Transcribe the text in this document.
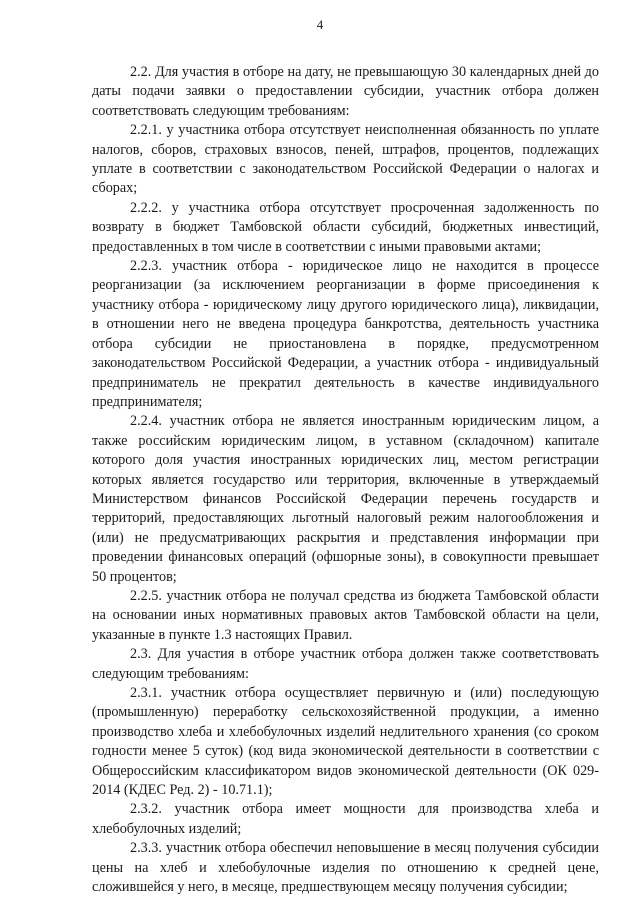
4

2.2. Для участия в отборе на дату, не превышающую 30 календарных дней до даты подачи заявки о предоставлении субсидии, участник отбора должен соответствовать следующим требованиям:

2.2.1. у участника отбора отсутствует неисполненная обязанность по уплате налогов, сборов, страховых взносов, пеней, штрафов, процентов, подлежащих уплате в соответствии с законодательством Российской Федерации о налогах и сборах;

2.2.2. у участника отбора отсутствует просроченная задолженность по возврату в бюджет Тамбовской области субсидий, бюджетных инвестиций, предоставленных в том числе в соответствии с иными правовыми актами;

2.2.3. участник отбора - юридическое лицо не находится в процессе реорганизации (за исключением реорганизации в форме присоединения к участнику отбора - юридическому лицу другого юридического лица), ликвидации, в отношении него не введена процедура банкротства, деятельность участника отбора субсидии не приостановлена в порядке, предусмотренном законодательством Российской Федерации, а участник отбора - индивидуальный предприниматель не прекратил деятельность в качестве индивидуального предпринимателя;

2.2.4. участник отбора не является иностранным юридическим лицом, а также российским юридическим лицом, в уставном (складочном) капитале которого доля участия иностранных юридических лиц, местом регистрации которых является государство или территория, включенные в утверждаемый Министерством финансов Российской Федерации перечень государств и территорий, предоставляющих льготный налоговый режим налогообложения и (или) не предусматривающих раскрытия и представления информации при проведении финансовых операций (офшорные зоны), в совокупности превышает 50 процентов;

2.2.5. участник отбора не получал средства из бюджета Тамбовской области на основании иных нормативных правовых актов Тамбовской области на цели, указанные в пункте 1.3 настоящих Правил.

2.3. Для участия в отборе участник отбора должен также соответствовать следующим требованиям:

2.3.1. участник отбора осуществляет первичную и (или) последующую (промышленную) переработку сельскохозяйственной продукции, а именно производство хлеба и хлебобулочных изделий недлительного хранения (со сроком годности менее 5 суток) (код вида экономической деятельности в соответствии с Общероссийским классификатором видов экономической деятельности (ОК 029-2014 (КДЕС Ред. 2) - 10.71.1);

2.3.2. участник отбора имеет мощности для производства хлеба и хлебобулочных изделий;

2.3.3. участник отбора обеспечил неповышение в месяц получения субсидии цены на хлеб и хлебобулочные изделия по отношению к средней цене, сложившейся у него, в месяце, предшествующем месяцу получения субсидии;
